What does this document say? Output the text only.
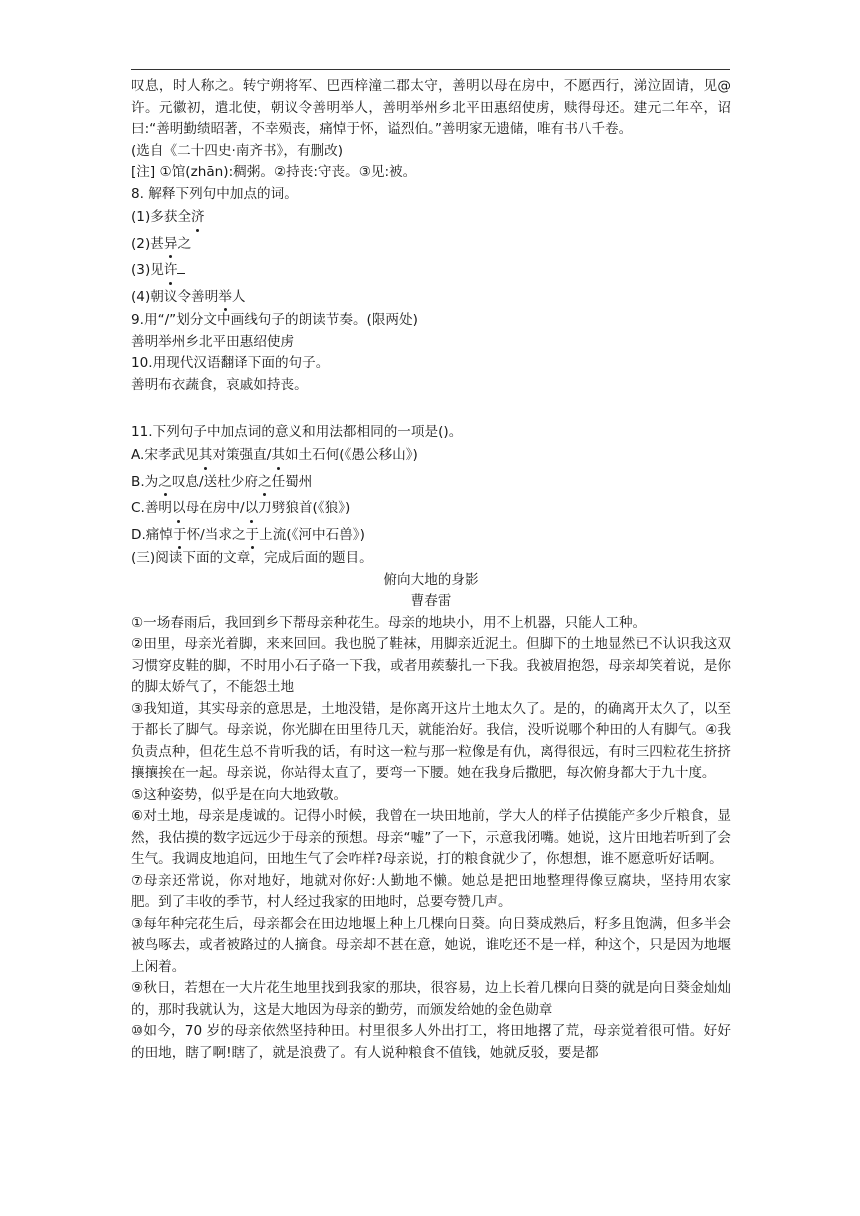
叹息，时人称之。转宁朔将军、巴西梓潼二郡太守，善明以母在房中，不愿西行，涕泣固请，见@许。元徽初，遣北使，朝议令善明举人，善明举州乡北平田惠绍使虏，赎得母还。建元二年卒，诏曰:“善明勤绩昭著，不幸殒丧，痛悼于怀，谥烈伯。”善明家无遗储，唯有书八千卷。

(选自《二十四史·南齐书》，有删改)

[注] ①馆(zhān):稠粥。②持丧:守丧。③见:被。

8. 解释下列句中加点的词。

(1)多获全济

(2)甚异之

(3)见许

(4)朝议令善明举人

9.用“/”划分文中画线句子的朗读节奏。(限两处)

善明举州乡北平田惠绍使虏

10.用现代汉语翻译下面的句子。

善明布衣蔬食，哀戚如持丧。

11.下列句子中加点词的意义和用法都相同的一项是()。

A.宋孝武见其对策强直/其如土石何(《愚公移山》)

B.为之叹息/送杜少府之任蜀州

C.善明以母在房中/以刀劈狼首(《狼》)

D.痛悼于怀/当求之于上流(《河中石兽》)

(三)阅读下面的文章，完成后面的题目。

俯向大地的身影

曹春雷

①一场春雨后，我回到乡下帮母亲种花生。母亲的地块小，用不上机器，只能人工种。

②田里，母亲光着脚，来来回回。我也脱了鞋袜，用脚亲近泥土。但脚下的土地显然已不认识我这双习惯穿皮鞋的脚，不时用小石子硌一下我，或者用蒺藜扎一下我。我被眉抱怨，母亲却笑着说，是你的脚太娇气了，不能怨土地

③我知道，其实母亲的意思是，土地没错，是你离开这片土地太久了。是的，的确离开太久了，以至于都长了脚气。母亲说，你光脚在田里待几天，就能治好。我信，没听说哪个种田的人有脚气。④我负责点种，但花生总不肯听我的话，有时这一粒与那一粒像是有仇，离得很远，有时三四粒花生挤挤攘攘挨在一起。母亲说，你站得太直了，要弯一下腰。她在我身后撒肥，每次俯身都大于九十度。

⑤这种姿势，似乎是在向大地致敬。

⑥对土地，母亲是虔诚的。记得小时候，我曾在一块田地前，学大人的样子估摸能产多少斤粮食，显然，我估摸的数字远远少于母亲的预想。母亲“嘘”了一下，示意我闭嘴。她说，这片田地若听到了会生气。我调皮地追问，田地生气了会咋样?母亲说，打的粮食就少了，你想想，谁不愿意听好话啊。

⑦母亲还常说，你对地好，地就对你好:人勤地不懒。她总是把田地整理得像豆腐块，坚持用农家肥。到了丰收的季节，村人经过我家的田地时，总要夸赞几声。

③每年种完花生后，母亲都会在田边地堰上种上几棵向日葵。向日葵成熟后，籽多且饱满，但多半会被鸟啄去，或者被路过的人摘食。母亲却不甚在意，她说，谁吃还不是一样，种这个，只是因为地堰上闲着。

⑨秋日，若想在一大片花生地里找到我家的那块，很容易，边上长着几棵向日葵的就是向日葵金灿灿的，那时我就认为，这是大地因为母亲的勤劳，而颁发给她的金色勋章

⑩如今，70 岁的母亲依然坚持种田。村里很多人外出打工，将田地撂了荒，母亲觉着很可惜。好好的田地，瞎了啊!瞎了，就是浪费了。有人说种粮食不值钱，她就反驳，要是都
